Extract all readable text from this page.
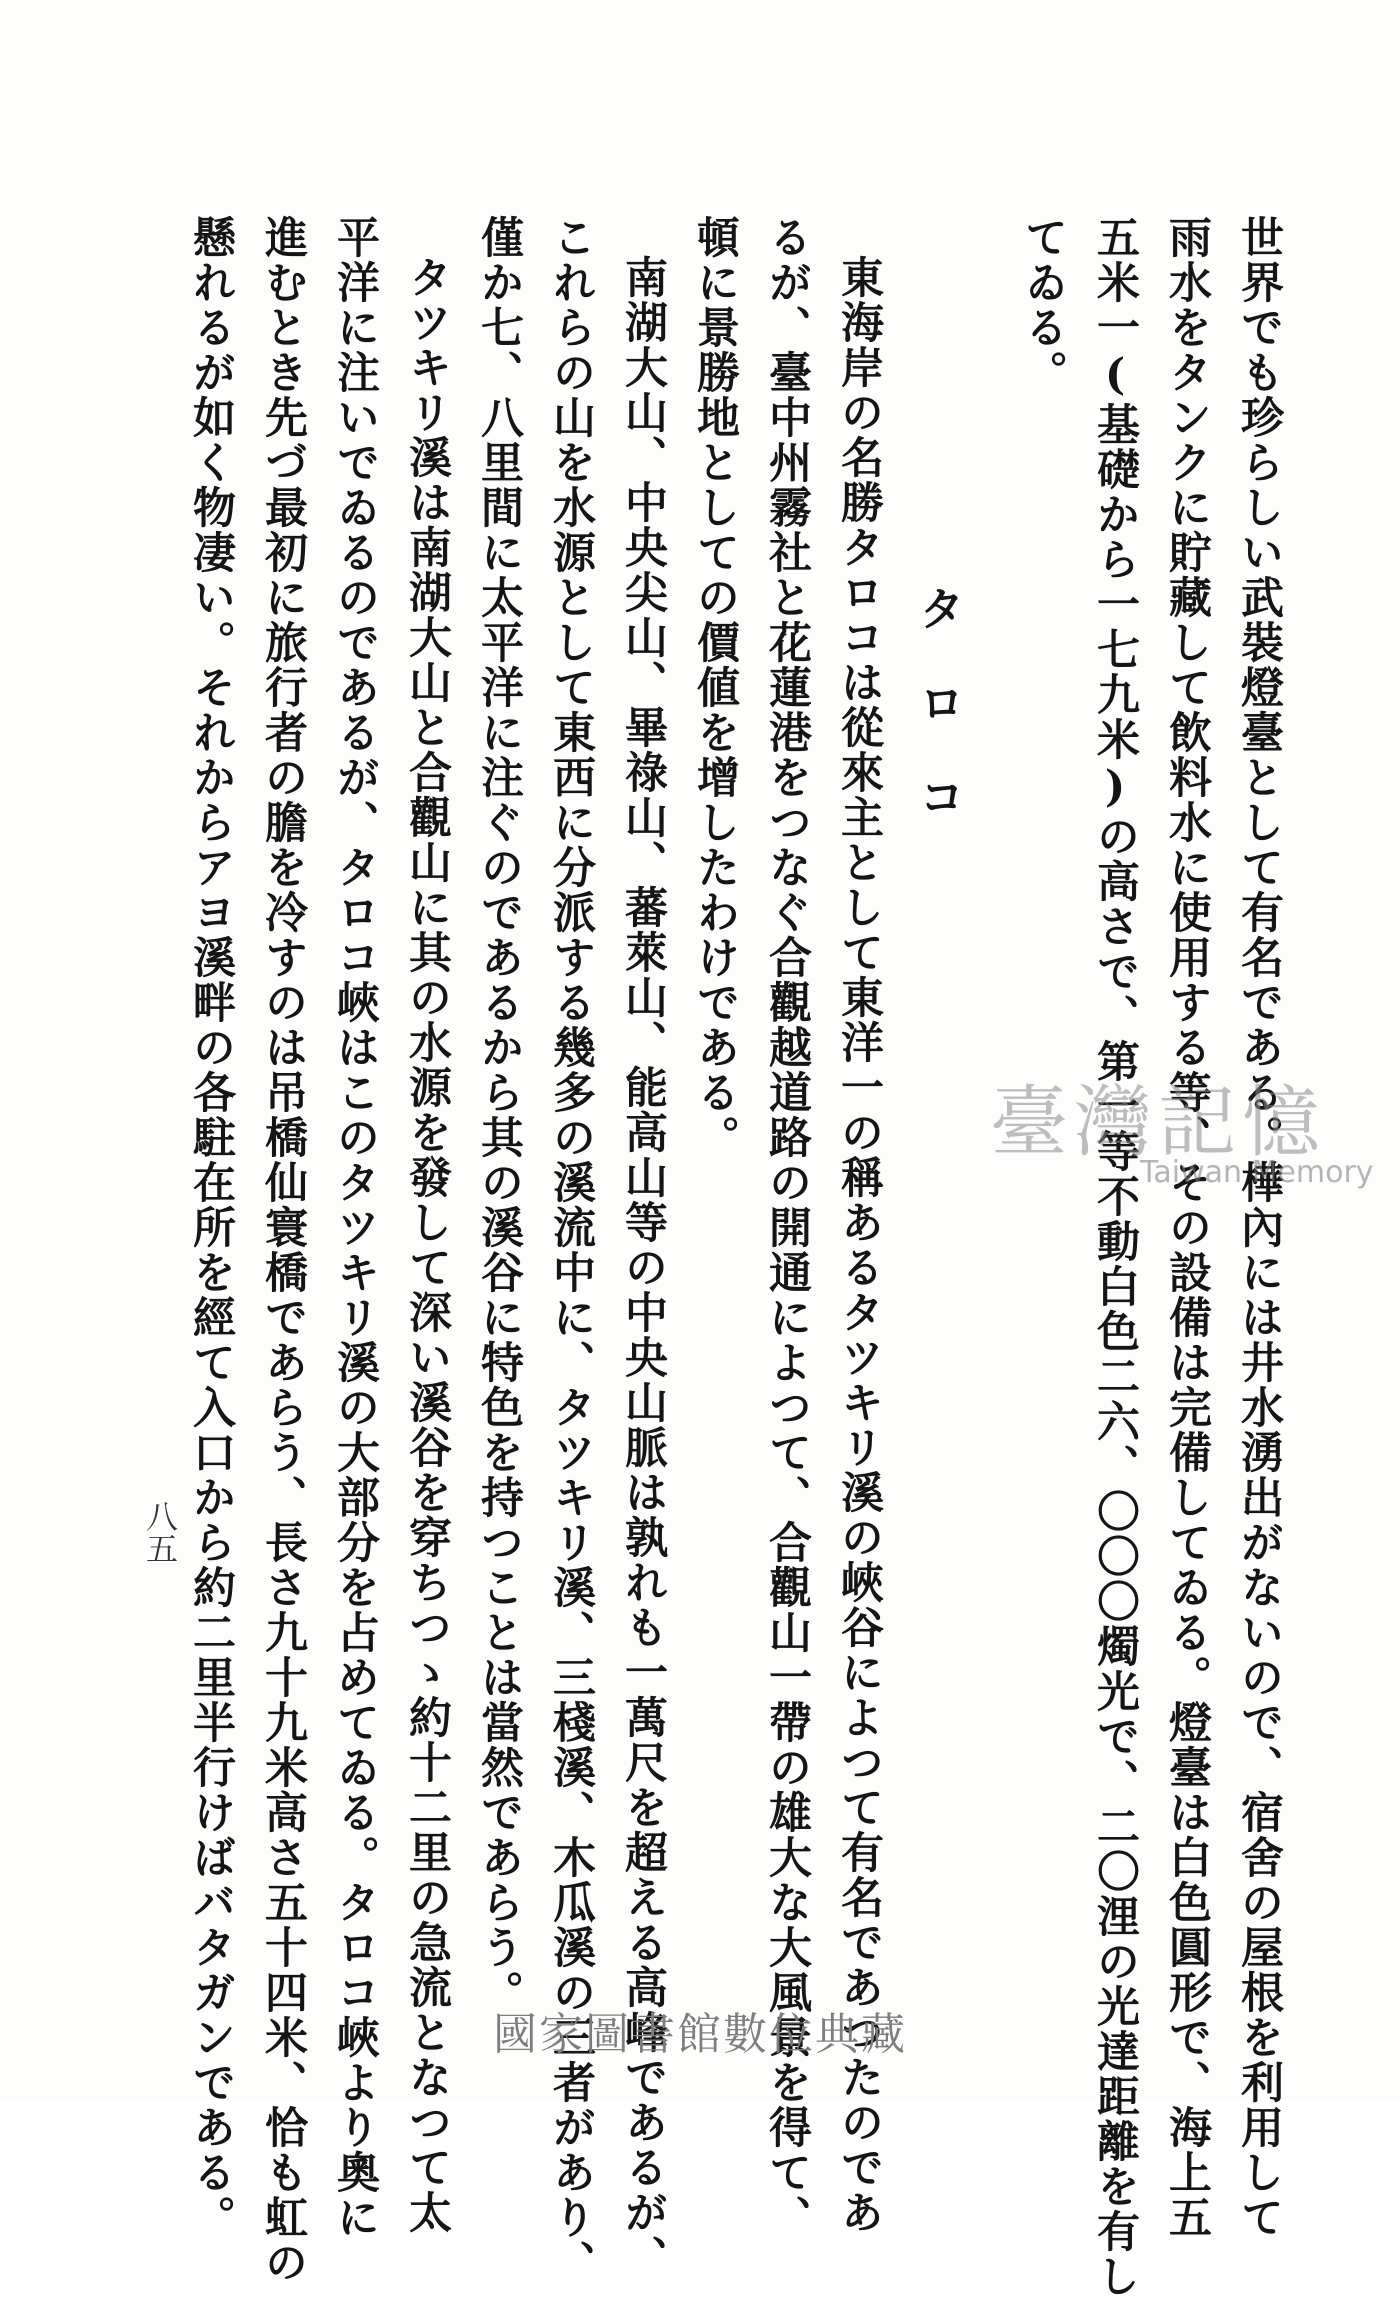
世界でも珍らしい武裝燈臺として有名である。樺內には井水湧出がないので、宿舍の屋根を利用して
雨水をタンクに貯藏して飲料水に使用する等、その設備は完備してゐる。燈臺は白色圓形で、海上五
五米一(基礎から一七九米)の高さで、第一等不動白色二六、〇〇〇燭光で、二〇浬の光達距離を有し
てゐる。
タロコ
東海岸の名勝タロコは從來主として東洋一の稱あるタツキリ溪の峽谷によつて有名であつたのであ
るが、臺中州霧社と花蓮港をつなぐ合觀越道路の開通によつて、合觀山一帶の雄大な大風景を得て、
頓に景勝地としての價値を增したわけである。
南湖大山、中央尖山、畢祿山、蕃萊山、能高山等の中央山脈は孰れも一萬尺を超える高峰であるが、
これらの山を水源として東西に分派する幾多の溪流中に、タツキリ溪、三棧溪、木瓜溪の三者があり、
僅か七、八里間に太平洋に注ぐのであるから其の溪谷に特色を持つことは當然であらう。
タツキリ溪は南湖大山と合觀山に其の水源を發して深い溪谷を穿ちつゝ約十二里の急流となつて太
平洋に注いでゐるのであるが、タロコ峽はこのタツキリ溪の大部分を占めてゐる。タロコ峽より奧に
進むとき先づ最初に旅行者の膽を冷すのは吊橋仙寰橋であらう、長さ九十九米高さ五十四米、恰も虹の
懸れるが如く物凄い。それからアヨ溪畔の各駐在所を經て入口から約二里半行けばバタガンである。
八五
臺灣記憶
Taiwan Memory
國家圖書館數位典藏
